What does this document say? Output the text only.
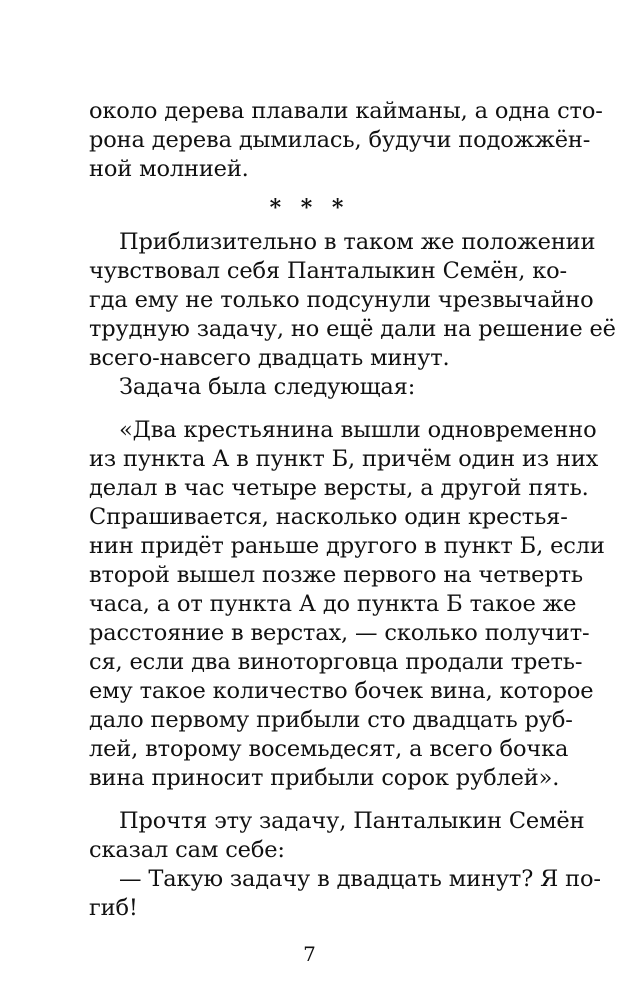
около дерева плавали кайманы, а одна сто-
рона дерева дымилась, будучи подожжён-
ной молнией.
* * *
Приблизительно в таком же положении
чувствовал себя Панталыкин Семён, ко-
гда ему не только подсунули чрезвычайно
трудную задачу, но ещё дали на решение её
всего-навсего двадцать минут.
Задача была следующая:
«Два крестьянина вышли одновременно
из пункта А в пункт Б, причём один из них
делал в час четыре версты, а другой пять.
Спрашивается, насколько один крестья-
нин придёт раньше другого в пункт Б, если
второй вышел позже первого на четверть
часа, а от пункта А до пункта Б такое же
расстояние в верстах, — сколько получит-
ся, если два виноторговца продали треть-
ему такое количество бочек вина, которое
дало первому прибыли сто двадцать руб-
лей, второму восемьдесят, а всего бочка
вина приносит прибыли сорок рублей».
Прочтя эту задачу, Панталыкин Семён
сказал сам себе:
— Такую задачу в двадцать минут? Я по-
гиб!
7
